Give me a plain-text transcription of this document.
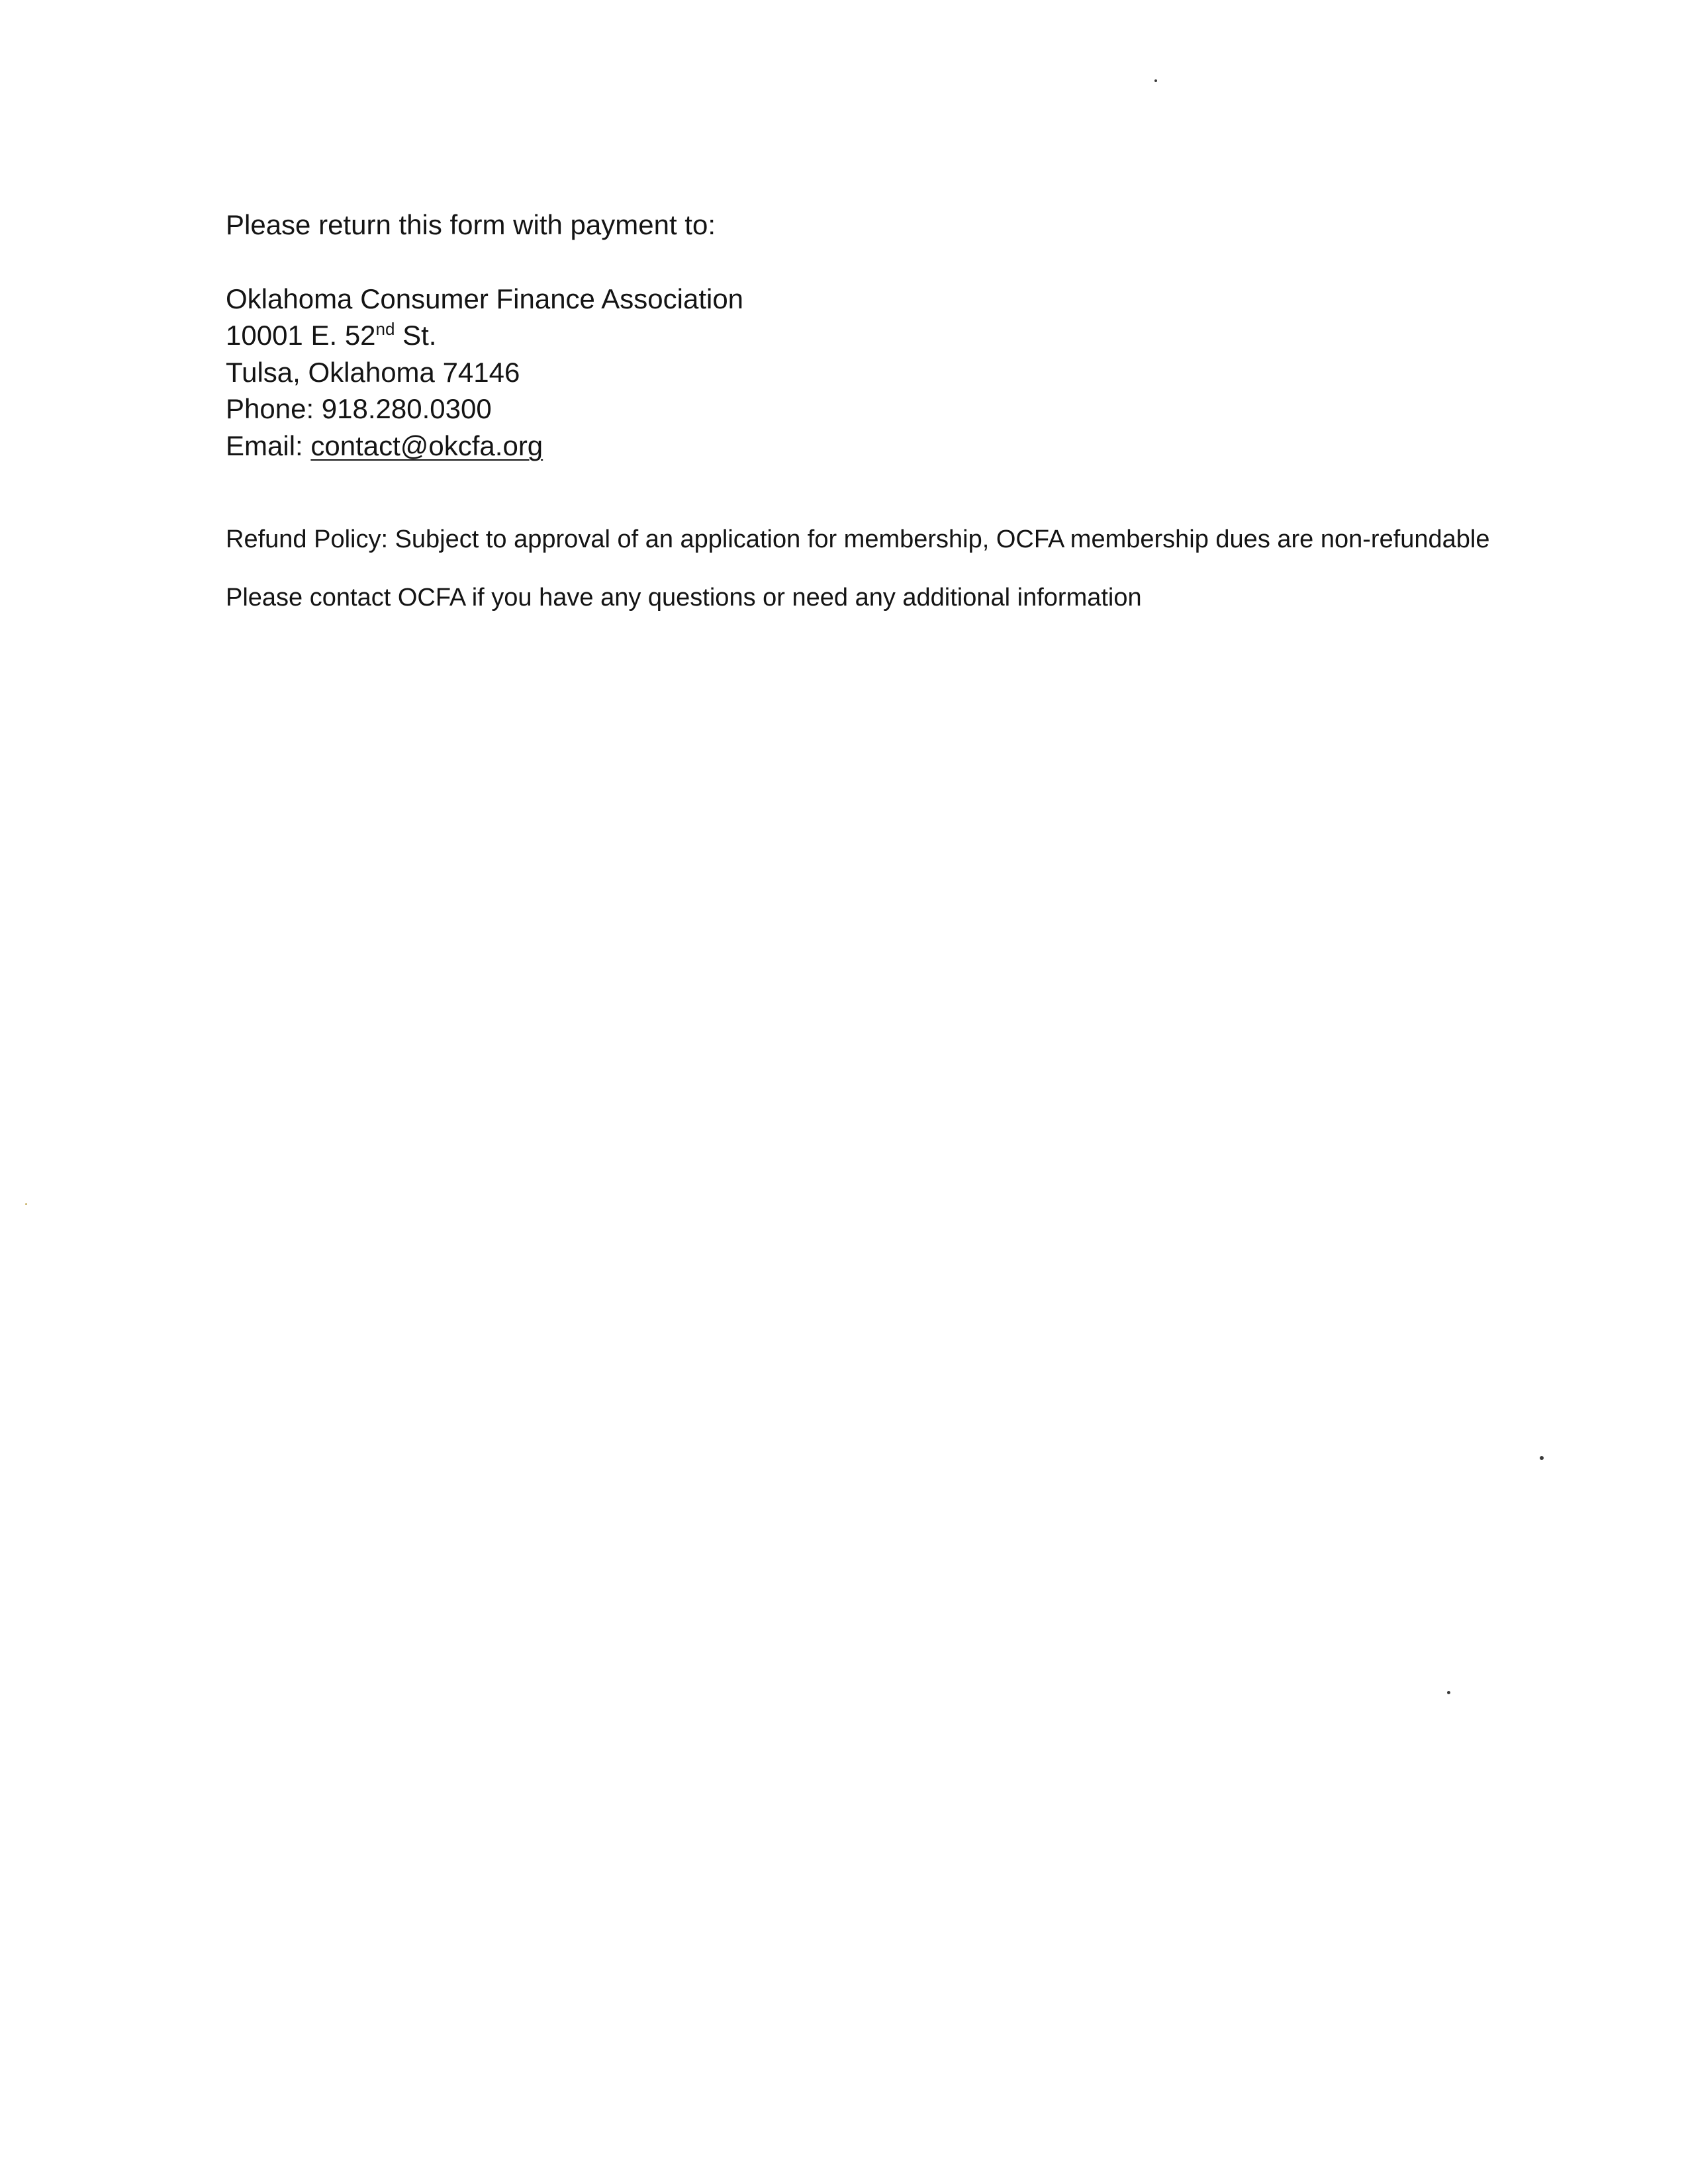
Please return this form with payment to:
Oklahoma Consumer Finance Association
10001 E. 52nd St.
Tulsa, Oklahoma 74146
Phone: 918.280.0300
Email: contact@okcfa.org
Refund Policy: Subject to approval of an application for membership, OCFA membership dues are non-refundable
Please contact OCFA if you have any questions or need any additional information
